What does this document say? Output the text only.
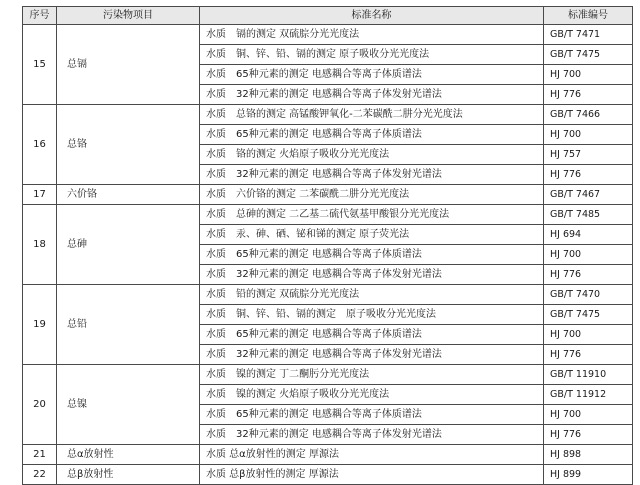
序号	污染物项目	标准名称	标准编号
15	总镉	水质　镉的测定 双硫腙分光光度法	GB/T 7471
		水质　铜、锌、铅、镉的测定 原子吸收分光光度法	GB/T 7475
		水质　65种元素的测定 电感耦合等离子体质谱法	HJ 700
		水质　32种元素的测定 电感耦合等离子体发射光谱法	HJ 776
16	总铬	水质　总铬的测定 高锰酸钾氧化-二苯碳酰二肼分光光度法	GB/T 7466
		水质　65种元素的测定 电感耦合等离子体质谱法	HJ 700
		水质　铬的测定 火焰原子吸收分光光度法	HJ 757
		水质　32种元素的测定 电感耦合等离子体发射光谱法	HJ 776
17	六价铬	水质　六价铬的测定 二苯碳酰二肼分光光度法	GB/T 7467
18	总砷	水质　总砷的测定 二乙基二硫代氨基甲酸银分光光度法	GB/T 7485
		水质　汞、砷、硒、铋和锑的测定 原子荧光法	HJ 694
		水质　65种元素的测定 电感耦合等离子体质谱法	HJ 700
		水质　32种元素的测定 电感耦合等离子体发射光谱法	HJ 776
19	总铅	水质　铅的测定 双硫腙分光光度法	GB/T 7470
		水质　铜、锌、铅、镉的测定　原子吸收分光光度法	GB/T 7475
		水质　65种元素的测定 电感耦合等离子体质谱法	HJ 700
		水质　32种元素的测定 电感耦合等离子体发射光谱法	HJ 776
20	总镍	水质　镍的测定 丁二酮肟分光光度法	GB/T 11910
		水质　镍的测定 火焰原子吸收分光光度法	GB/T 11912
		水质　65种元素的测定 电感耦合等离子体质谱法	HJ 700
		水质　32种元素的测定 电感耦合等离子体发射光谱法	HJ 776
21	总α放射性	水质 总α放射性的测定 厚源法	HJ 898
22	总β放射性	水质 总β放射性的测定 厚源法	HJ 899
